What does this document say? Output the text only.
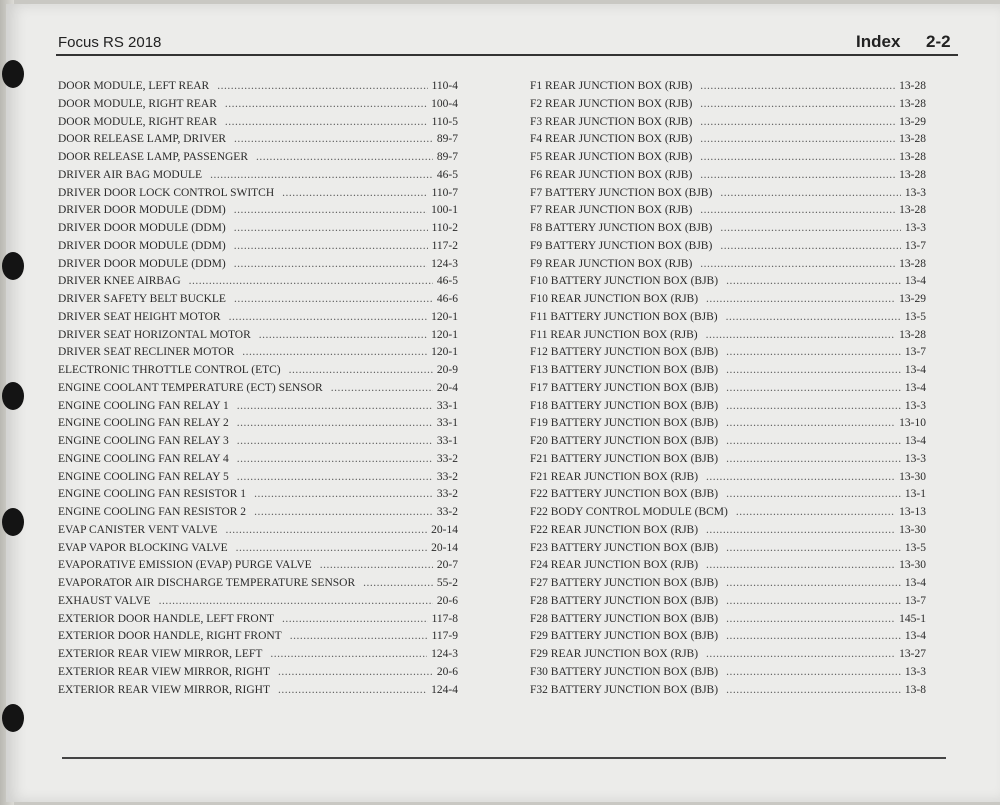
Focus RS 2018	Index 2-2
DOOR MODULE, LEFT REAR .....	110-4
DOOR MODULE, RIGHT REAR .....	100-4
DOOR MODULE, RIGHT REAR .....	110-5
DOOR RELEASE LAMP, DRIVER .....	89-7
DOOR RELEASE LAMP, PASSENGER .....	89-7
DRIVER AIR BAG MODULE .....	46-5
DRIVER DOOR LOCK CONTROL SWITCH .....	110-7
DRIVER DOOR MODULE (DDM) .....	100-1
DRIVER DOOR MODULE (DDM) .....	110-2
DRIVER DOOR MODULE (DDM) .....	117-2
DRIVER DOOR MODULE (DDM) .....	124-3
DRIVER KNEE AIRBAG .....	46-5
DRIVER SAFETY BELT BUCKLE .....	46-6
DRIVER SEAT HEIGHT MOTOR .....	120-1
DRIVER SEAT HORIZONTAL MOTOR .....	120-1
DRIVER SEAT RECLINER MOTOR .....	120-1
ELECTRONIC THROTTLE CONTROL (ETC) .....	20-9
ENGINE COOLANT TEMPERATURE (ECT) SENSOR .....	20-4
ENGINE COOLING FAN RELAY 1 .....	33-1
ENGINE COOLING FAN RELAY 2 .....	33-1
ENGINE COOLING FAN RELAY 3 .....	33-1
ENGINE COOLING FAN RELAY 4 .....	33-2
ENGINE COOLING FAN RELAY 5 .....	33-2
ENGINE COOLING FAN RESISTOR 1 .....	33-2
ENGINE COOLING FAN RESISTOR 2 .....	33-2
EVAP CANISTER VENT VALVE .....	20-14
EVAP VAPOR BLOCKING VALVE .....	20-14
EVAPORATIVE EMISSION (EVAP) PURGE VALVE .....	20-7
EVAPORATOR AIR DISCHARGE TEMPERATURE SENSOR .....	55-2
EXHAUST VALVE .....	20-6
EXTERIOR DOOR HANDLE, LEFT FRONT .....	117-8
EXTERIOR DOOR HANDLE, RIGHT FRONT .....	117-9
EXTERIOR REAR VIEW MIRROR, LEFT .....	124-3
EXTERIOR REAR VIEW MIRROR, RIGHT .....	20-6
EXTERIOR REAR VIEW MIRROR, RIGHT .....	124-4
F1 REAR JUNCTION BOX (RJB) .....	13-28
F2 REAR JUNCTION BOX (RJB) .....	13-28
F3 REAR JUNCTION BOX (RJB) .....	13-29
F4 REAR JUNCTION BOX (RJB) .....	13-28
F5 REAR JUNCTION BOX (RJB) .....	13-28
F6 REAR JUNCTION BOX (RJB) .....	13-28
F7 BATTERY JUNCTION BOX (BJB) .....	13-3
F7 REAR JUNCTION BOX (RJB) .....	13-28
F8 BATTERY JUNCTION BOX (BJB) .....	13-3
F9 BATTERY JUNCTION BOX (BJB) .....	13-7
F9 REAR JUNCTION BOX (RJB) .....	13-28
F10 BATTERY JUNCTION BOX (BJB) .....	13-4
F10 REAR JUNCTION BOX (RJB) .....	13-29
F11 BATTERY JUNCTION BOX (BJB) .....	13-5
F11 REAR JUNCTION BOX (RJB) .....	13-28
F12 BATTERY JUNCTION BOX (BJB) .....	13-7
F13 BATTERY JUNCTION BOX (BJB) .....	13-4
F17 BATTERY JUNCTION BOX (BJB) .....	13-4
F18 BATTERY JUNCTION BOX (BJB) .....	13-3
F19 BATTERY JUNCTION BOX (BJB) .....	13-10
F20 BATTERY JUNCTION BOX (BJB) .....	13-4
F21 BATTERY JUNCTION BOX (BJB) .....	13-3
F21 REAR JUNCTION BOX (RJB) .....	13-30
F22 BATTERY JUNCTION BOX (BJB) .....	13-1
F22 BODY CONTROL MODULE (BCM) .....	13-13
F22 REAR JUNCTION BOX (RJB) .....	13-30
F23 BATTERY JUNCTION BOX (BJB) .....	13-5
F24 REAR JUNCTION BOX (RJB) .....	13-30
F27 BATTERY JUNCTION BOX (BJB) .....	13-4
F28 BATTERY JUNCTION BOX (BJB) .....	13-7
F28 BATTERY JUNCTION BOX (BJB) .....	145-1
F29 BATTERY JUNCTION BOX (BJB) .....	13-4
F29 REAR JUNCTION BOX (RJB) .....	13-27
F30 BATTERY JUNCTION BOX (BJB) .....	13-3
F32 BATTERY JUNCTION BOX (BJB) .....	13-8
